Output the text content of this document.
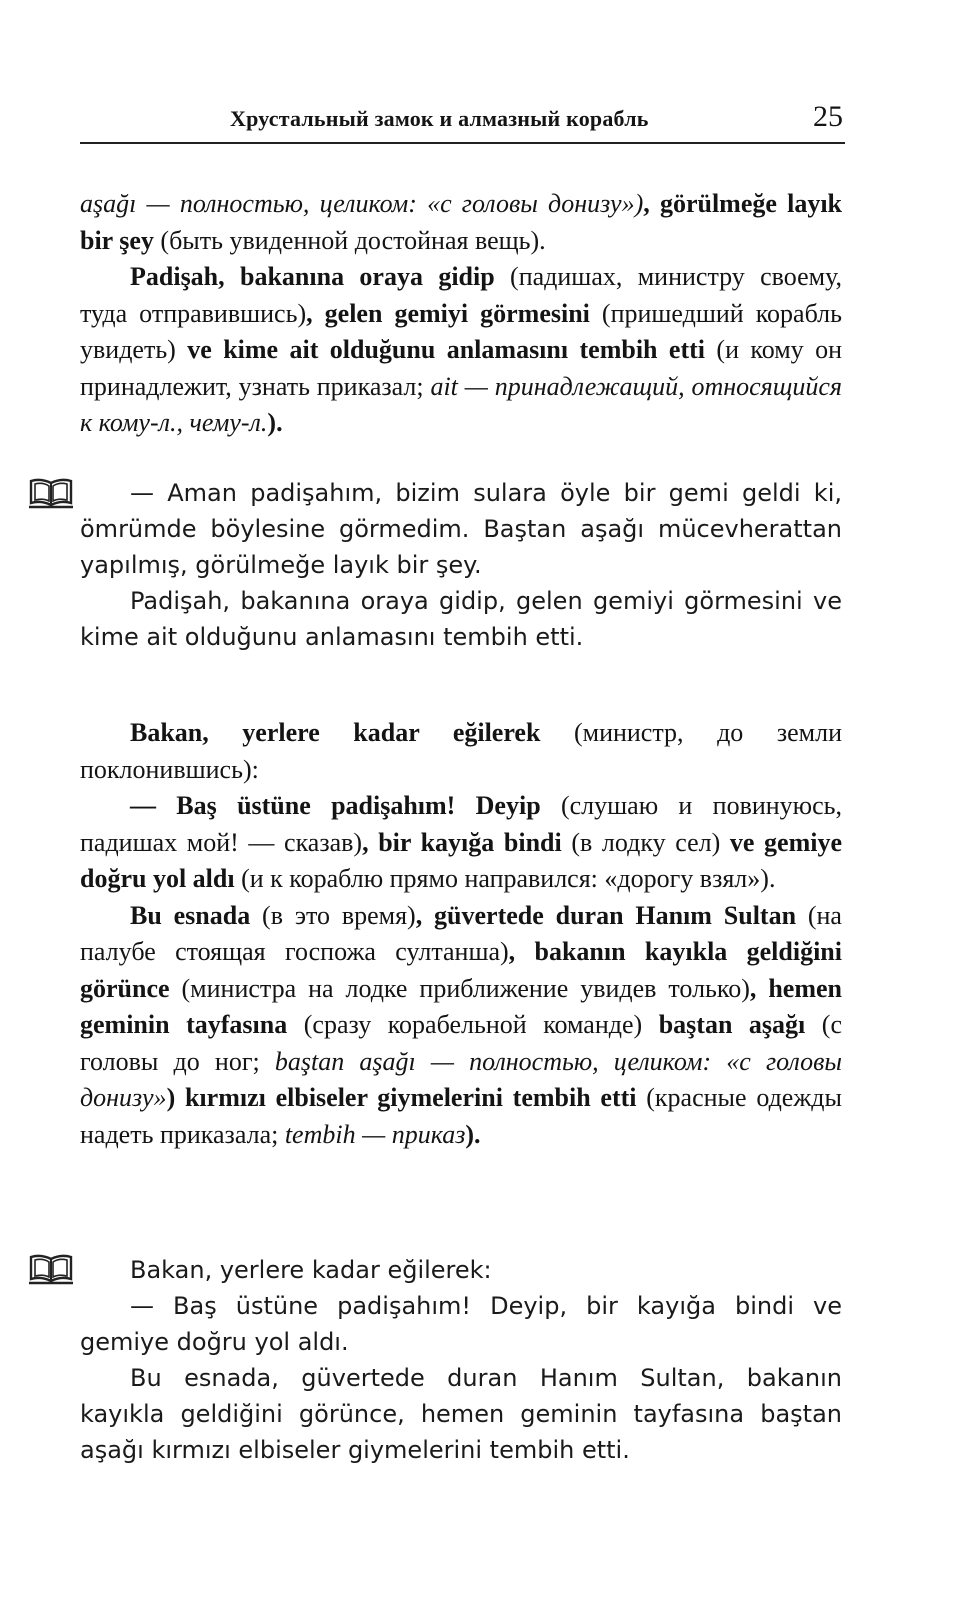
Хрустальный замок и алмазный корабль	25

aşağı — полностью, целиком: «с головы донизу»), görülmeğe layık bir şey (быть увиденной достойная вещь).

Padişah, bakanına oraya gidip (падишах, министру своему, туда отправившись), gelen gemiyi görmesini (пришедший корабль увидеть) ve kime ait olduğunu anlamasını tembih etti (и кому он принадлежит, узнать приказал; ait — принадлежащий, относящийся к кому-л., чему-л.).

— Aman padişahım, bizim sulara öyle bir gemi geldi ki, ömrümde böylesine görmedim. Baştan aşağı mücevherattan yapılmış, görülmeğe layık bir şey.

Padişah, bakanına oraya gidip, gelen gemiyi görmesini ve kime ait olduğunu anlamasını tembih etti.

Bakan, yerlere kadar eğilerek (министр, до земли поклонившись):

— Baş üstüne padişahım! Deyip (слушаю и повинуюсь, падишах мой! — сказав), bir kayığa bindi (в лодку сел) ve gemiye doğru yol aldı (и к кораблю прямо направился: «дорогу взял»).

Bu esnada (в это время), güvertede duran Hanım Sultan (на палубе стоящая госпожа султанша), bakanın kayıkla geldiğini görünce (министра на лодке приближение увидев только), hemen geminin tayfasına (сразу корабельной команде) baştan aşağı (с головы до ног; baştan aşağı — полностью, целиком: «с головы донизу») kırmızı elbiseler giymelerini tembih etti (красные одежды надеть приказала; tembih — приказ).

Bakan, yerlere kadar eğilerek:

— Baş üstüne padişahım! Deyip, bir kayığa bindi ve gemiye doğru yol aldı.

Bu esnada, güvertede duran Hanım Sultan, bakanın kayıkla geldiğini görünce, hemen geminin tayfasına baştan aşağı kırmızı elbiseler giymelerini tembih etti.
